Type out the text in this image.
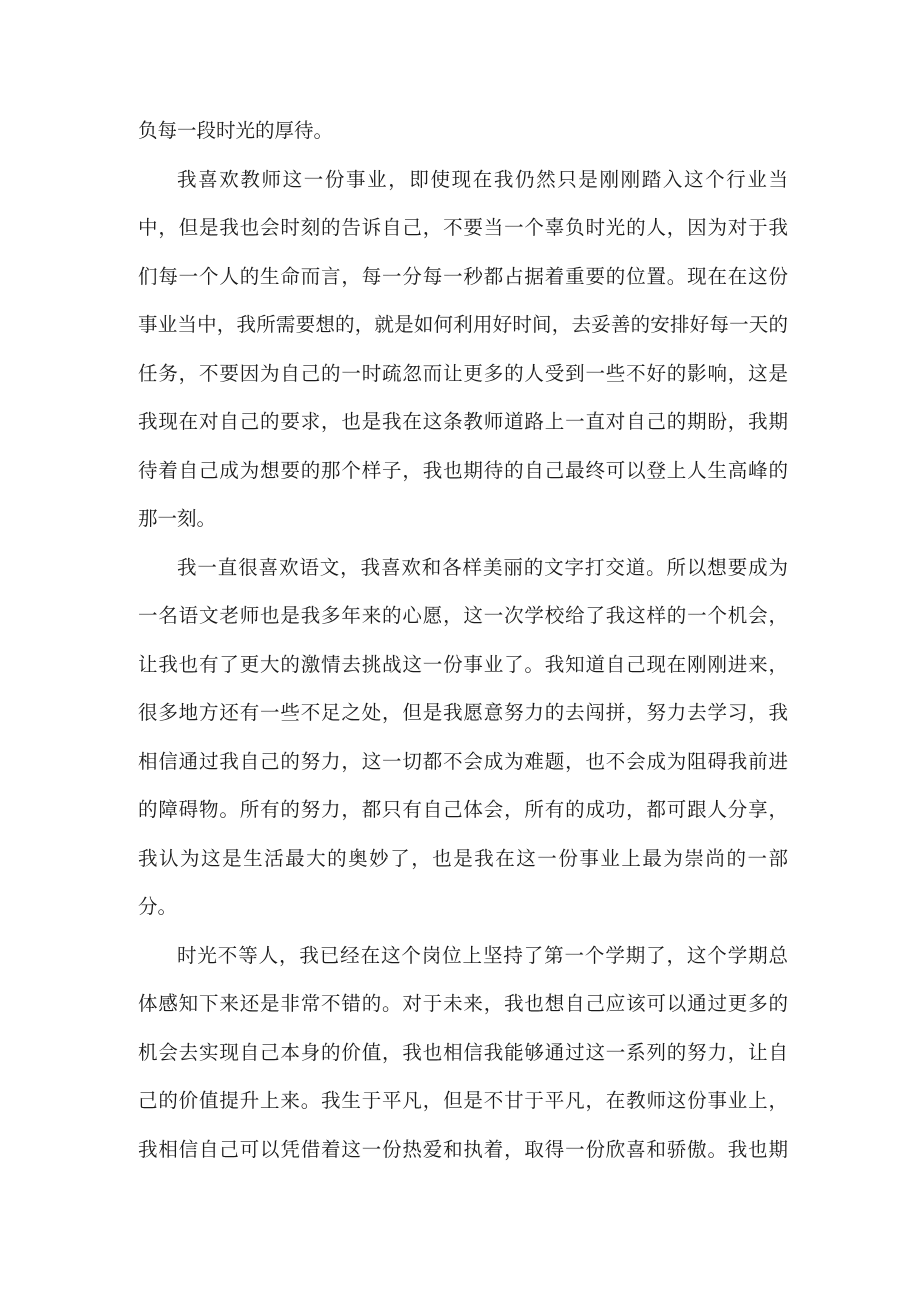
负每一段时光的厚待。
我喜欢教师这一份事业，即使现在我仍然只是刚刚踏入这个行业当
中，但是我也会时刻的告诉自己，不要当一个辜负时光的人，因为对于我
们每一个人的生命而言，每一分每一秒都占据着重要的位置。现在在这份
事业当中，我所需要想的，就是如何利用好时间，去妥善的安排好每一天的
任务，不要因为自己的一时疏忽而让更多的人受到一些不好的影响，这是
我现在对自己的要求，也是我在这条教师道路上一直对自己的期盼，我期
待着自己成为想要的那个样子，我也期待的自己最终可以登上人生高峰的
那一刻。
我一直很喜欢语文，我喜欢和各样美丽的文字打交道。所以想要成为
一名语文老师也是我多年来的心愿，这一次学校给了我这样的一个机会，
让我也有了更大的激情去挑战这一份事业了。我知道自己现在刚刚进来，
很多地方还有一些不足之处，但是我愿意努力的去闯拼，努力去学习，我
相信通过我自己的努力，这一切都不会成为难题，也不会成为阻碍我前进
的障碍物。所有的努力，都只有自己体会，所有的成功，都可跟人分享，
我认为这是生活最大的奥妙了，也是我在这一份事业上最为崇尚的一部
分。
时光不等人，我已经在这个岗位上坚持了第一个学期了，这个学期总
体感知下来还是非常不错的。对于未来，我也想自己应该可以通过更多的
机会去实现自己本身的价值，我也相信我能够通过这一系列的努力，让自
己的价值提升上来。我生于平凡，但是不甘于平凡，在教师这份事业上，
我相信自己可以凭借着这一份热爱和执着，取得一份欣喜和骄傲。我也期
